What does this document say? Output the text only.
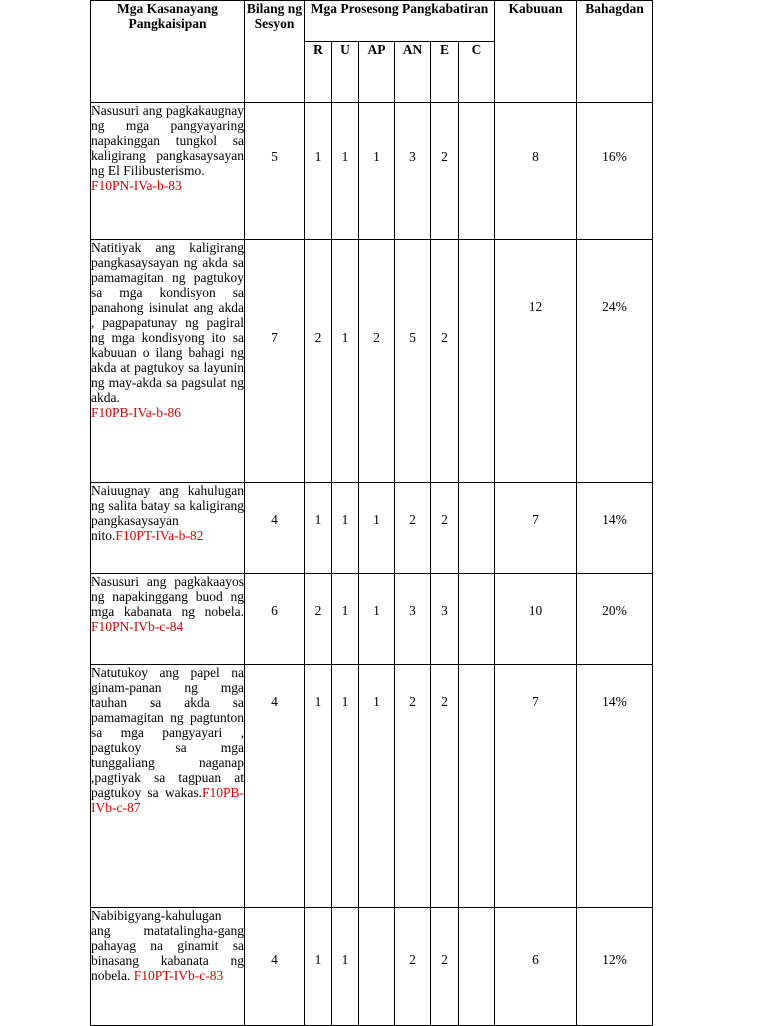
Mga Kasanayang Pangkaisipan	Bilang ng Sesyon	Mga Prosesong Pangkabatiran						Kabuuan	Bahagdan
		R	U	AP	AN	E	C		
Nasusuri ang pagkakaugnay ng mga pangyayaring napakinggan tungkol sa kaligirang pangkasaysayan ng El Filibusterismo.
F10PN-IVa-b-83	5	1	1	1	3	2		8	16%
Natitiyak ang kaligirang pangkasaysayan ng akda sa pamamagitan ng pagtukoy sa mga kondisyon sa panahong isinulat ang akda , pagpapatunay ng pagiral ng mga kondisyong ito sa kabuuan o ilang bahagi ng akda at pagtukoy sa layunin ng may-akda sa pagsulat ng akda.
F10PB-IVa-b-86	7	2	1	2	5	2		12	24%
Naiuugnay ang kahulugan ng salita batay sa kaligirang pangkasaysayan nito.F10PT-IVa-b-82	4	1	1	1	2	2		7	14%
Nasusuri ang pagkakaayos ng napakinggang buod ng mga kabanata ng nobela. F10PN-IVb-c-84	6	2	1	1	3	3		10	20%
Natutukoy ang papel na ginam-panan ng mga tauhan sa akda sa pamamagitan ng pagtunton sa mga pangyayari , pagtukoy sa mga tunggaliang naganap ,pagtiyak sa tagpuan at pagtukoy sa wakas.F10PB-IVb-c-87	4	1	1	1	2	2		7	14%
Nabibigyang-kahulugan ang matatalingha-gang pahayag na ginamit sa binasang kabanata ng nobela. F10PT-IVb-c-83	4	1	1		2	2		6	12%
